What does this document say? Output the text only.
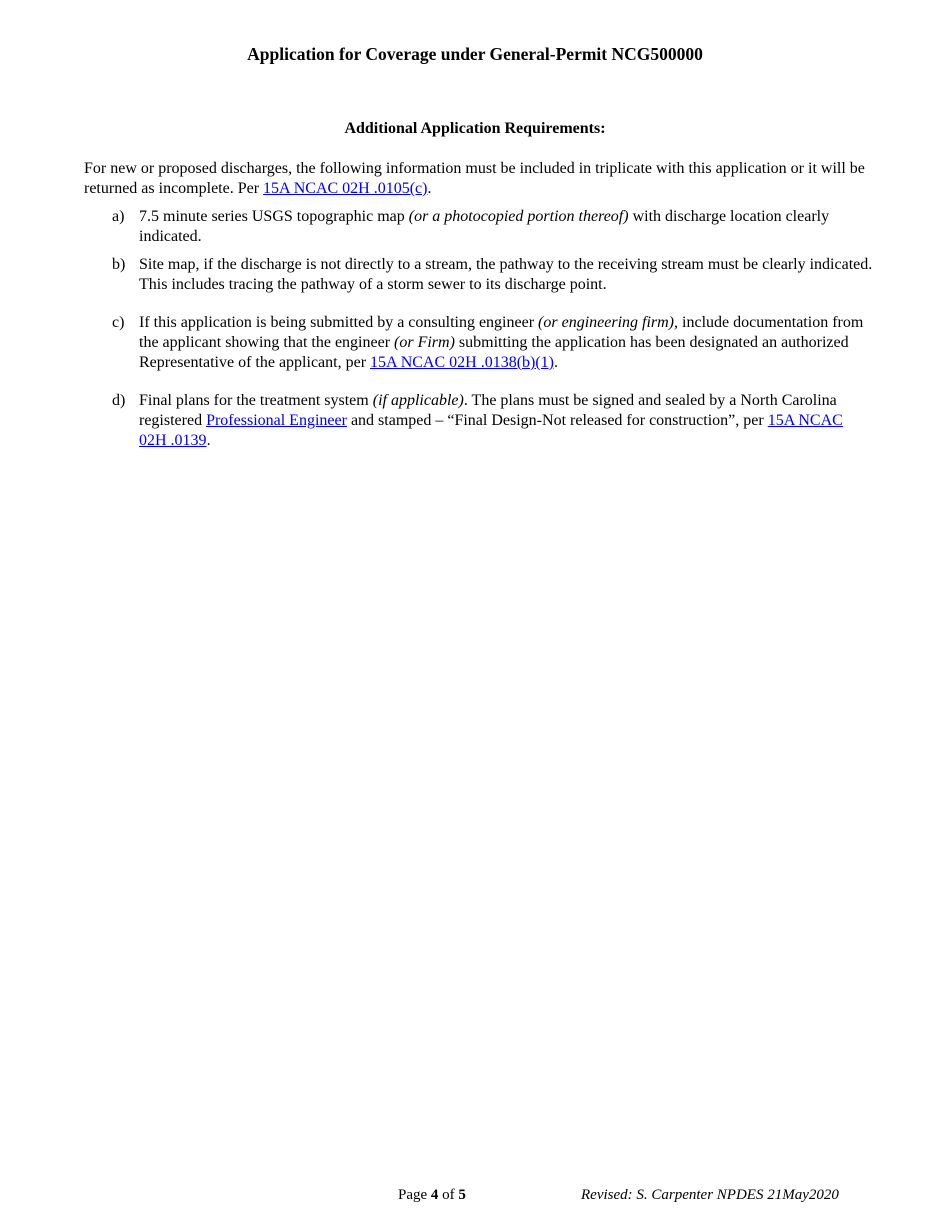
Application for Coverage under General-Permit NCG500000
Additional Application Requirements:
For new or proposed discharges, the following information must be included in triplicate with this application or it will be returned as incomplete. Per 15A NCAC 02H .0105(c).
a) 7.5 minute series USGS topographic map (or a photocopied portion thereof) with discharge location clearly indicated.
b) Site map, if the discharge is not directly to a stream, the pathway to the receiving stream must be clearly indicated. This includes tracing the pathway of a storm sewer to its discharge point.
c) If this application is being submitted by a consulting engineer (or engineering firm), include documentation from the applicant showing that the engineer (or Firm) submitting the application has been designated an authorized Representative of the applicant, per 15A NCAC 02H .0138(b)(1).
d) Final plans for the treatment system (if applicable). The plans must be signed and sealed by a North Carolina registered Professional Engineer and stamped – “Final Design-Not released for construction”, per 15A NCAC 02H .0139.
Page 4 of 5	Revised: S. Carpenter NPDES 21May2020
